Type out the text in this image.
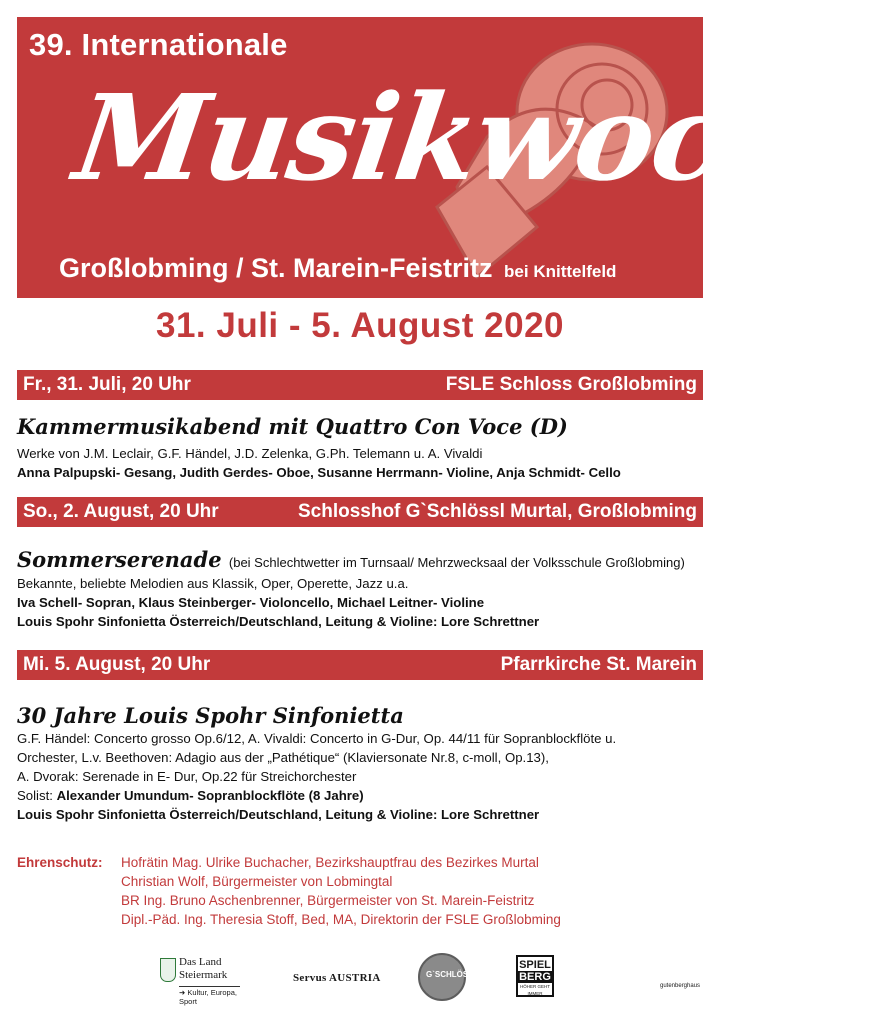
39. Internationale
Musikwoche
Großlobming / St. Marein-Feistritz bei Knittelfeld
31. Juli - 5. August 2020
Fr., 31. Juli, 20 Uhr	FSLE Schloss Großlobming
Kammermusikabend mit Quattro Con Voce (D)
Werke von J.M. Leclair, G.F. Händel, J.D. Zelenka, G.Ph. Telemann u. A. Vivaldi
Anna Palpupski- Gesang, Judith Gerdes- Oboe, Susanne Herrmann- Violine, Anja Schmidt- Cello
So., 2. August, 20 Uhr	Schlosshof G`Schlössl Murtal, Großlobming
Sommerserenade (bei Schlechtwetter im Turnsaal/ Mehrzwecksaal der Volksschule Großlobming)
Bekannte, beliebte Melodien aus Klassik, Oper, Operette, Jazz u.a.
Iva Schell- Sopran, Klaus Steinberger- Violoncello, Michael Leitner- Violine
Louis Spohr Sinfonietta Österreich/Deutschland, Leitung & Violine: Lore Schrettner
Mi. 5. August, 20 Uhr	Pfarrkirche St. Marein
30 Jahre Louis Spohr Sinfonietta
G.F. Händel: Concerto grosso Op.6/12, A. Vivaldi: Concerto in G-Dur, Op. 44/11 für Sopranblockflöte u.
Orchester, L.v. Beethoven: Adagio aus der „Pathétique“ (Klaviersonate Nr.8, c-moll, Op.13),
A. Dvorak: Serenade in E- Dur, Op.22 für Streichorchester
Solist: Alexander Umundum- Sopranblockflöte (8 Jahre)
Louis Spohr Sinfonietta Österreich/Deutschland, Leitung & Violine: Lore Schrettner
Ehrenschutz: Hofrätin Mag. Ulrike Buchacher, Bezirkshauptfrau des Bezirkes Murtal
Christian Wolf, Bürgermeister von Lobmingtal
BR Ing. Bruno Aschenbrenner, Bürgermeister von St. Marein-Feistritz
Dipl.-Päd. Ing. Theresia Stoff, Bed, MA, Direktorin der FSLE Großlobming
Das Land
Steiermark
➜ Kultur, Europa, Sport
Servus AUSTRIA	G`SCHLÖSSL
SPIEL
BERG
HÖHER GEHT IMMER
gutenberghaus
